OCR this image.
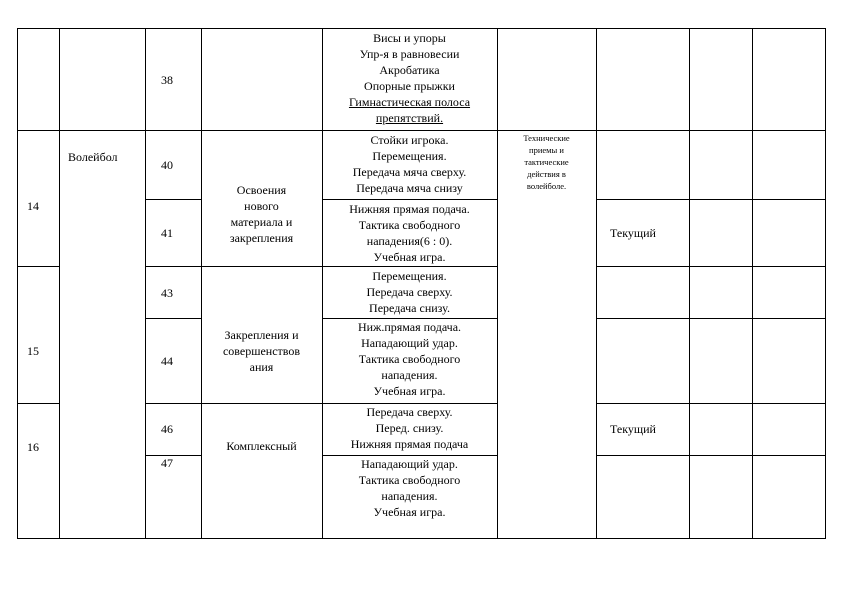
38
Висы и упоры
Упр-я в равновесии
Акробатика
Опорные прыжки
Гимнастическая полоса
препятствий.
14
Волейбол
40
Стойки игрока.
Перемещения.
Передача мяча сверху.
Передача мяча снизу
Освоения
нового
материала и
закрепления
Технические
приемы и
тактические
действия в
волейболе.
41
Нижняя прямая подача.
Тактика свободного
нападения(6 : 0).
Учебная игра.
Текущий
15
43
Перемещения.
Передача сверху.
Передача снизу.
Закрепления и
совершенствов
ания
44
Ниж.прямая подача.
Нападающий удар.
Тактика свободного
нападения.
Учебная игра.
16
46
Передача сверху.
Перед. снизу.
Нижняя прямая подача
Текущий
Комплексный
47	Нападающий удар.
Тактика свободного
нападения.
Учебная игра.
